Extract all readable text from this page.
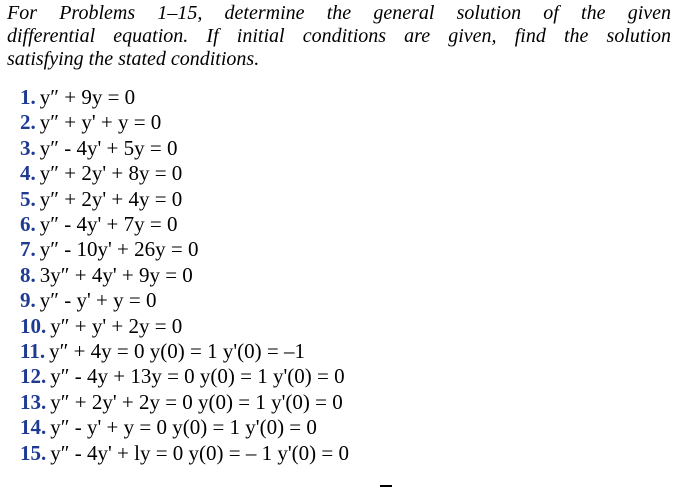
For Problems 1–15, determine the general solution of the given
differential equation. If initial conditions are given, find the solution
satisfying the stated conditions.
1. y″ + 9y = 0
2. y″ + y' + y = 0
3. y″ - 4y' + 5y = 0
4. y″ + 2y' + 8y = 0
5. y″ + 2y' + 4y = 0
6. y″ - 4y' + 7y = 0
7. y″ - 10y' + 26y = 0
8. 3y″ + 4y' + 9y = 0
9. y″ - y' + y = 0
10. y″ + y' + 2y = 0
11. y″ + 4y = 0 y(0) = 1 y'(0) = –1
12. y″ - 4y + 13y = 0 y(0) = 1 y'(0) = 0
13. y″ + 2y' + 2y = 0 y(0) = 1 y'(0) = 0
14. y″ - y' + y = 0 y(0) = 1 y'(0) = 0
15. y″ - 4y' + ly = 0 y(0) = – 1 y'(0) = 0
